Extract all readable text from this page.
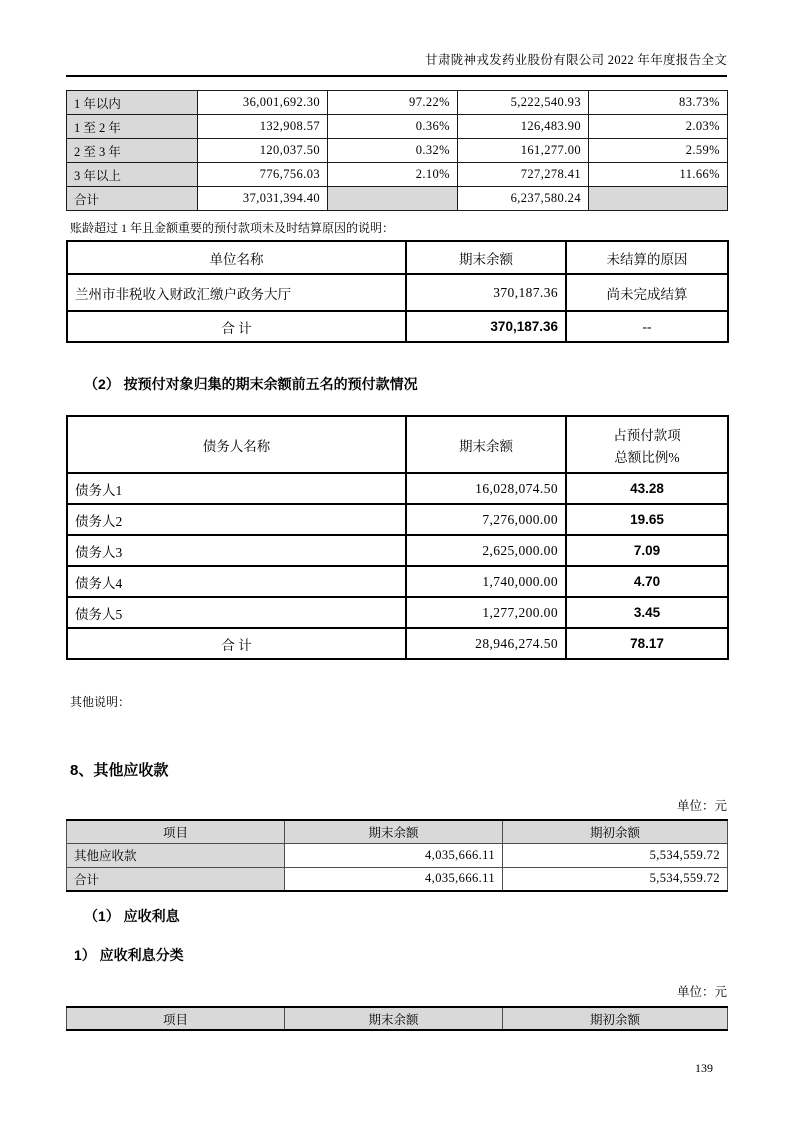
甘肃陇神戎发药业股份有限公司 2022 年年度报告全文
1 年以内	36,001,692.30	97.22%	5,222,540.93	83.73%
1 至 2 年	132,908.57	0.36%	126,483.90	2.03%
2 至 3 年	120,037.50	0.32%	161,277.00	2.59%
3 年以上	776,756.03	2.10%	727,278.41	11.66%
合计	37,031,394.40		6,237,580.24	

账龄超过 1 年且金额重要的预付款项未及时结算原因的说明：

单位名称	期末余额	未结算的原因
兰州市非税收入财政汇缴户政务大厅	370,187.36	尚未完成结算
合 计	370,187.36	--
（2） 按预付对象归集的期末余额前五名的预付款情况
债务人名称	期末余额	占预付款项
总额比例%

债务人1	16,028,074.50	43.28
债务人2	7,276,000.00	19.65
债务人3	2,625,000.00	7.09
债务人4	1,740,000.00	4.70
债务人5	1,277,200.00	3.45
合 计	28,946,274.50	78.17

其他说明：

8、其他应收款
单位：元
项目	期末余额	期初余额
其他应收款	4,035,666.11	5,534,559.72
合计	4,035,666.11	5,534,559.72
（1） 应收利息
1） 应收利息分类
单位：元
项目	期末余额	期初余额
139
